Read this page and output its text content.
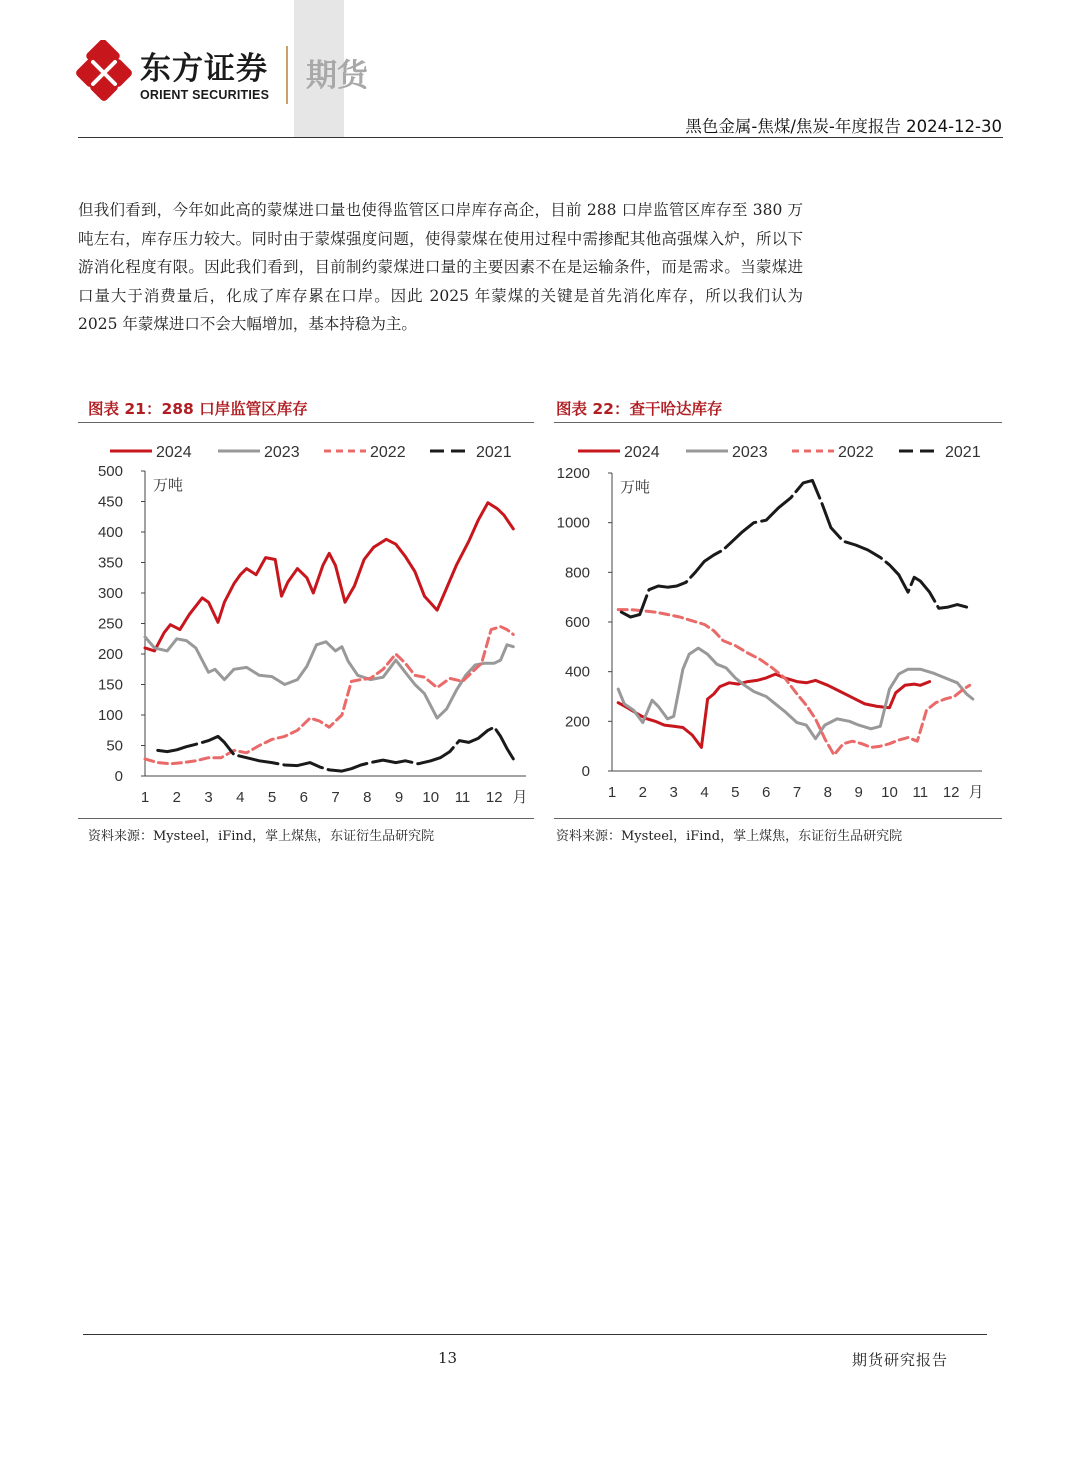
东方证券
ORIENT SECURITIES
期货
黑色金属-焦煤/焦炭-年度报告 2024-12-30

但我们看到，今年如此高的蒙煤进口量也使得监管区口岸库存高企，目前 288 口岸监管区库存至 380 万吨左右，库存压力较大。同时由于蒙煤强度问题，使得蒙煤在使用过程中需掺配其他高强煤入炉，所以下游消化程度有限。因此我们看到，目前制约蒙煤进口量的主要因素不在是运输条件，而是需求。当蒙煤进口量大于消费量后，化成了库存累在口岸。因此 2025 年蒙煤的关键是首先消化库存，所以我们认为 2025 年蒙煤进口不会大幅增加，基本持稳为主。

图表 21：288 口岸监管区库存
2024	2023	2022	2021
0
50
100
150
200
250
300
350
400
450
500
1 2 3 4 5 6 7 8 9 10 11 12 月
万吨
资料来源：Mysteel，iFind，掌上煤焦，东证衍生品研究院
图表 22：查干哈达库存
2024	2023	2022	2021
0
200
400
600
800
1000
1200
1 2 3 4 5 6 7 8 9 10 11 12 月
万吨
资料来源：Mysteel，iFind，掌上煤焦，东证衍生品研究院
13	期货研究报告
